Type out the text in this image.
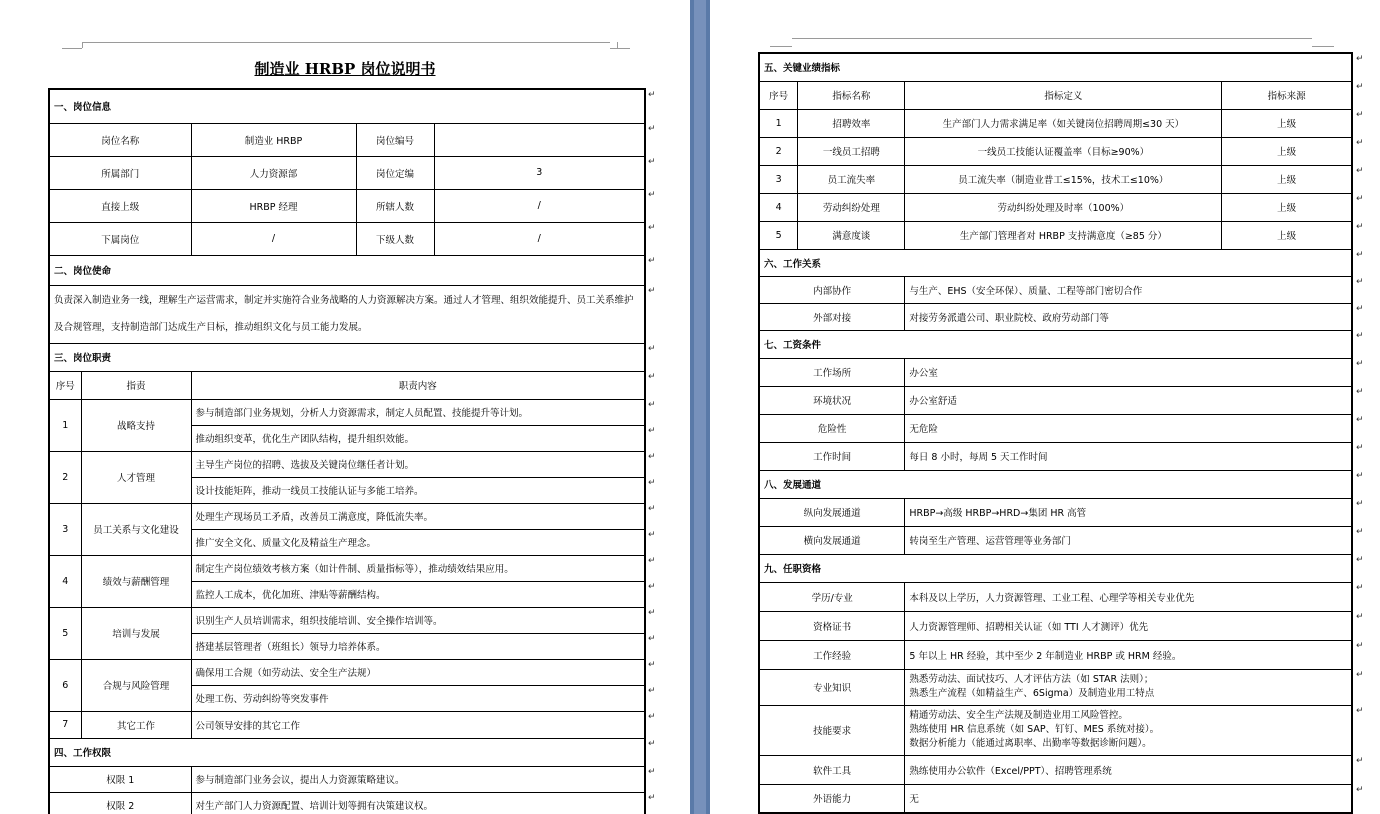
制造业 HRBP 岗位说明书
一、岗位信息				
岗位名称		制造业 HRBP	岗位编号	
所属部门		人力资源部	岗位定编	3
直接上级		HRBP 经理	所辖人数	/
下属岗位		/	下级人数	/
二、岗位使命				
负责深入制造业务一线，理解生产运营需求，制定并实施符合业务战略的人力资源解决方案。通过人才管理、组织效能提升、员工关系维护及合规管理，支持制造部门达成生产目标，推动组织文化与员工能力发展。				
三、岗位职责				
序号	指责	职责内容		
1	战略支持	参与制造部门业务规划，分析人力资源需求，制定人员配置、技能提升等计划。		
		推动组织变革，优化生产团队结构，提升组织效能。		
2	人才管理	主导生产岗位的招聘、选拔及关键岗位继任者计划。		
		设计技能矩阵，推动一线员工技能认证与多能工培养。		
3	员工关系与文化建设	处理生产现场员工矛盾，改善员工满意度，降低流失率。		
		推广安全文化、质量文化及精益生产理念。		
4	绩效与薪酬管理	制定生产岗位绩效考核方案（如计件制、质量指标等），推动绩效结果应用。		
		监控人工成本，优化加班、津贴等薪酬结构。		
5	培训与发展	识别生产人员培训需求，组织技能培训、安全操作培训等。		
		搭建基层管理者（班组长）领导力培养体系。		
6	合规与风险管理	确保用工合规（如劳动法、安全生产法规）		
		处理工伤、劳动纠纷等突发事件		
7	其它工作	公司领导安排的其它工作		
四、工作权限				
权限 1		参与制造部门业务会议，提出人力资源策略建议。		
权限 2		对生产部门人力资源配置、培训计划等拥有决策建议权。		
↵
↵
↵
↵
↵
↵
↵
↵
↵
↵
↵
↵
↵
↵
↵
↵
↵
↵
↵
↵
↵
↵
↵
↵
↵
五、关键业绩指标			
序号	指标名称	指标定义	指标来源
1	招聘效率	生产部门人力需求满足率（如关键岗位招聘周期≤30 天）	上级
2	一线员工招聘	一线员工技能认证覆盖率（目标≥90%）	上级
3	员工流失率	员工流失率（制造业普工≤15%，技术工≤10%）	上级
4	劳动纠纷处理	劳动纠纷处理及时率（100%）	上级
5	满意度谈	生产部门管理者对 HRBP 支持满意度（≥85 分）	上级
六、工作关系			
内部协作		与生产、EHS（安全环保）、质量、工程等部门密切合作	
外部对接		对接劳务派遣公司、职业院校、政府劳动部门等	
七、工资条件			
工作场所		办公室	
环境状况		办公室舒适	
危险性		无危险	
工作时间		每日 8 小时，每周 5 天工作时间	
八、发展通道			
纵向发展通道		HRBP→高级 HRBP→HRD→集团 HR 高管	
横向发展通道		转岗至生产管理、运营管理等业务部门	
九、任职资格			
学历/专业		本科及以上学历，人力资源管理、工业工程、心理学等相关专业优先	

资格证书		人力资源管理师、招聘相关认证（如 TTI 人才测评）优先	

工作经验		5 年以上 HR 经验，其中至少 2 年制造业 HRBP 或 HRM 经验。	

专业知识		熟悉劳动法、面试技巧、人才评估方法（如 STAR 法则）；
熟悉生产流程（如精益生产、6Sigma）及制造业用工特点	

技能要求		精通劳动法、安全生产法规及制造业用工风险管控。
熟练使用 HR 信息系统（如 SAP、钉钉、MES 系统对接）。
数据分析能力（能通过离职率、出勤率等数据诊断问题）。	

软件工具		熟练使用办公软件（Excel/PPT）、招聘管理系统	

外语能力		无	
↵
↵
↵
↵
↵
↵
↵
↵
↵
↵
↵
↵
↵
↵
↵
↵
↵
↵
↵
↵
↵
↵
↵
↵
↵
↵
